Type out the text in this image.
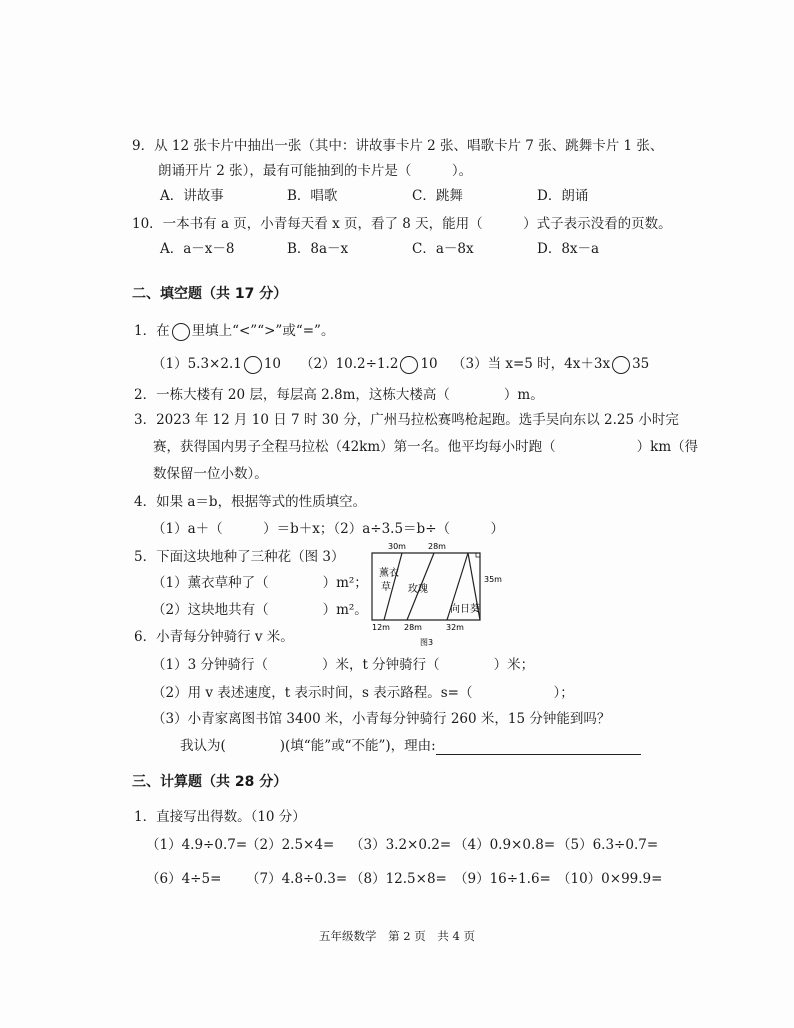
9．从 12 张卡片中抽出一张（其中：讲故事卡片 2 张、唱歌卡片 7 张、跳舞卡片 1 张、
朗诵开片 2 张），最有可能抽到的卡片是（　　　）。
A．讲故事	B．唱歌	C．跳舞	D．朗诵
10．一本书有 a 页，小青每天看 x 页，看了 8 天，能用（　　　）式子表示没看的页数。
A．a－x－8	B．8a－x	C．a－8x	D．8x－a
二、填空题（共 17 分）
1．在 里填上“<”“>”或“=”。
（1）5.3×2.1 10 （2）10.2÷1.2 10 （3）当 x=5 时，4x＋3x 35
2．一栋大楼有 20 层，每层高 2.8m，这栋大楼高（　　　　）m。
3．2023 年 12 月 10 日 7 时 30 分，广州马拉松赛鸣枪起跑。选手吴向东以 2.25 小时完
赛，获得国内男子全程马拉松（42km）第一名。他平均每小时跑（　　　　　　）km（得
数保留一位小数）。
4．如果 a＝b，根据等式的性质填空。
（1）a＋（　　　）＝b＋x；（2）a÷3.5＝b÷（　　　）
5．下面这块地种了三种花（图 3）
（1）薰衣草种了（　　　　）m²；
（2）这块地共有（　　　　）m²。
30m	28m
35m
12m 28m	32m
薰衣
草 玫瑰
向日葵
图3
6．小青每分钟骑行 v 米。
（1）3 分钟骑行（　　　　）米，t 分钟骑行（　　　　）米；
（2）用 v 表述速度，t 表示时间，s 表示路程。s=（　　　　　　）；
（3）小青家离图书馆 3400 米，小青每分钟骑行 260 米，15 分钟能到吗？
我认为(　　　　)(填“能”或“不能”)，理由:
三、计算题（共 28 分）
1．直接写出得数。（10 分）
（1）4.9÷0.7=
（2）2.5×4= （3）3.2×0.2= （4）0.9×0.8= （5）6.3÷0.7=
（6）4÷5= （7）4.8÷0.3= （8）12.5×8= （9）16÷1.6= （10）0×99.9=
五年级数学 第 2 页 共 4 页
